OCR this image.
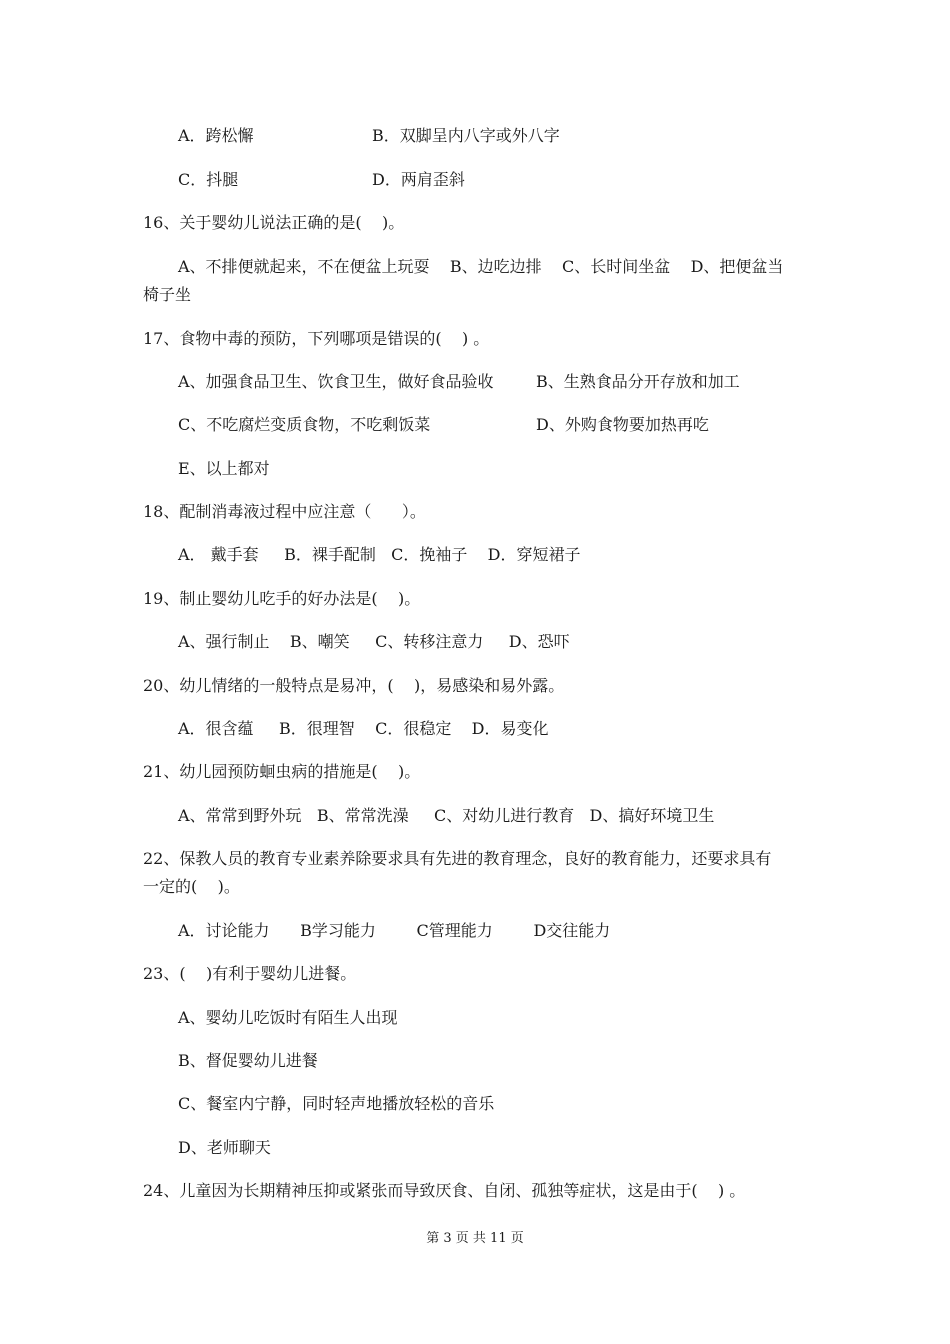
A．跨松懈	B．双脚呈内八字或外八字
C．抖腿	D．两肩歪斜
16、关于婴幼儿说法正确的是(    )。
A、不排便就起来，不在便盆上玩耍    B、边吃边排    C、长时间坐盆    D、把便盆当
椅子坐
17、食物中毒的预防，下列哪项是错误的(    ) 。
A、加强食品卫生、饮食卫生，做好食品验收	B、生熟食品分开存放和加工
C、不吃腐烂变质食物，不吃剩饭菜	D、外购食物要加热再吃
E、以上都对
18、配制消毒液过程中应注意（      ）。
A． 戴手套     B．裸手配制   C．挽袖子    D．穿短裙子
19、制止婴幼儿吃手的好办法是(    )。
A、强行制止    B、嘲笑     C、转移注意力     D、恐吓
20、幼儿情绪的一般特点是易冲，(    )，易感染和易外露。
A．很含蕴     B．很理智    C．很稳定    D．易变化
21、幼儿园预防蛔虫病的措施是(    )。
A、常常到野外玩   B、常常洗澡     C、对幼儿进行教育   D、搞好环境卫生
22、保教人员的教育专业素养除要求具有先进的教育理念，良好的教育能力，还要求具有
一定的(    )。
A．讨论能力      B学习能力        C管理能力        D交往能力
23、(    )有利于婴幼儿进餐。
A、婴幼儿吃饭时有陌生人出现
B、督促婴幼儿进餐
C、餐室内宁静，同时轻声地播放轻松的音乐
D、老师聊天
24、儿童因为长期精神压抑或紧张而导致厌食、自闭、孤独等症状，这是由于(    ) 。
第 3 页 共 11 页
